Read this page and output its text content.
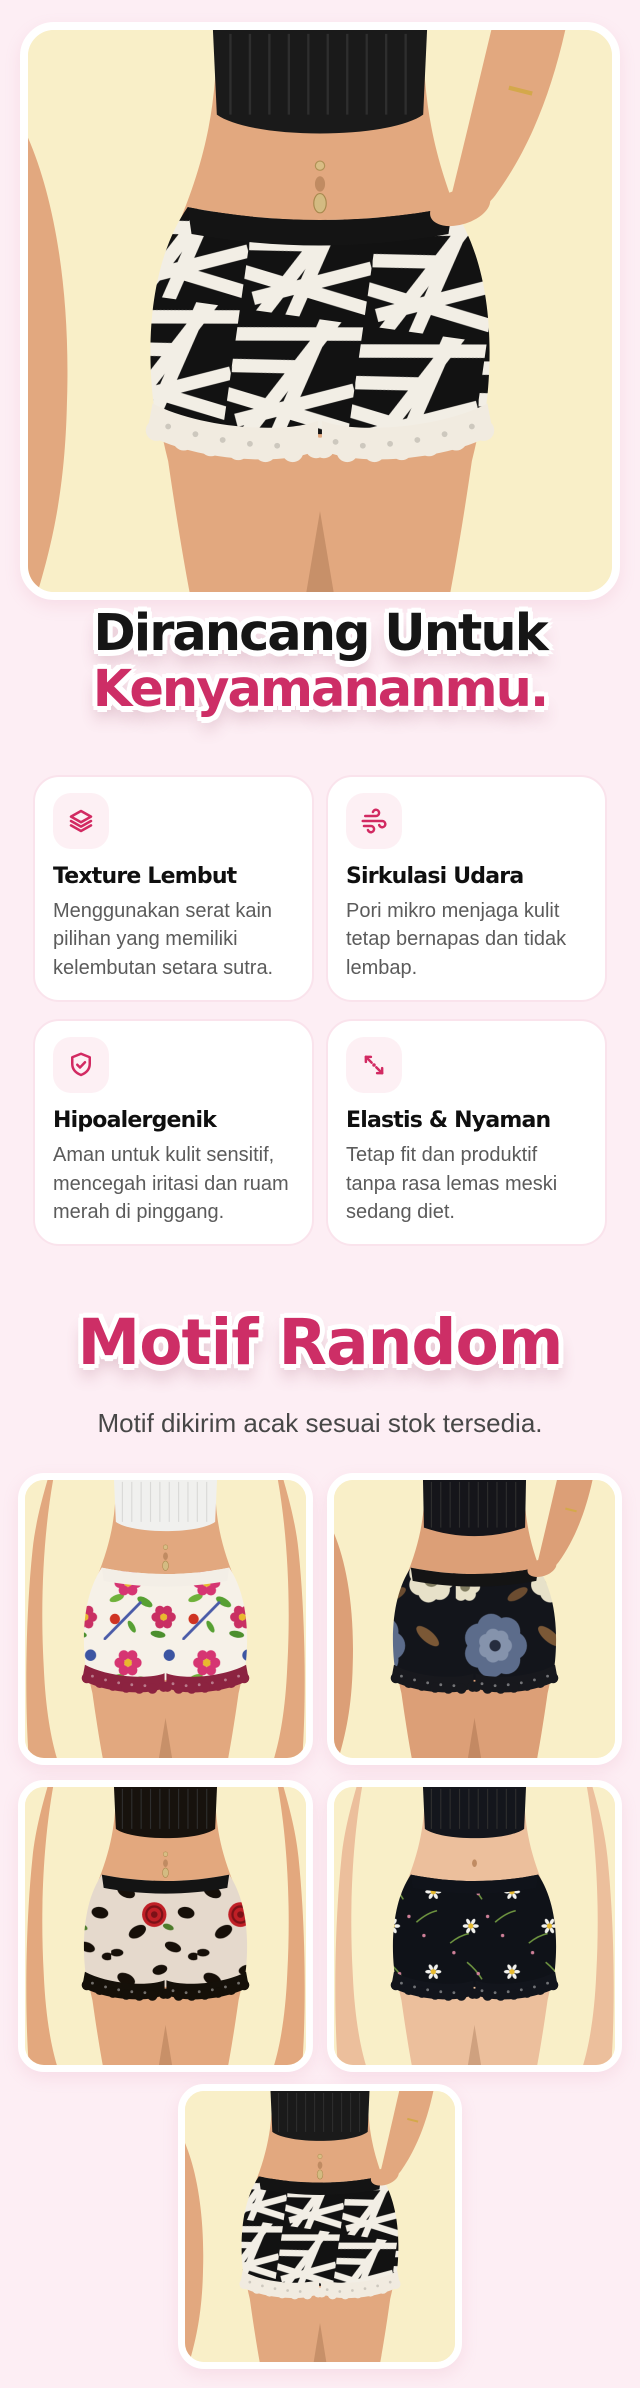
Dirancang Untuk
Kenyamananmu.
Texture Lembut
Menggunakan serat kain pilihan yang memiliki kelembutan setara sutra.
Sirkulasi Udara
Pori mikro menjaga kulit tetap bernapas dan tidak lembap.
Hipoalergenik
Aman untuk kulit sensitif, mencegah iritasi dan ruam merah di pinggang.
Elastis & Nyaman
Tetap fit dan produktif tanpa rasa lemas meski sedang diet.
Motif Random
Motif dikirim acak sesuai stok tersedia.
